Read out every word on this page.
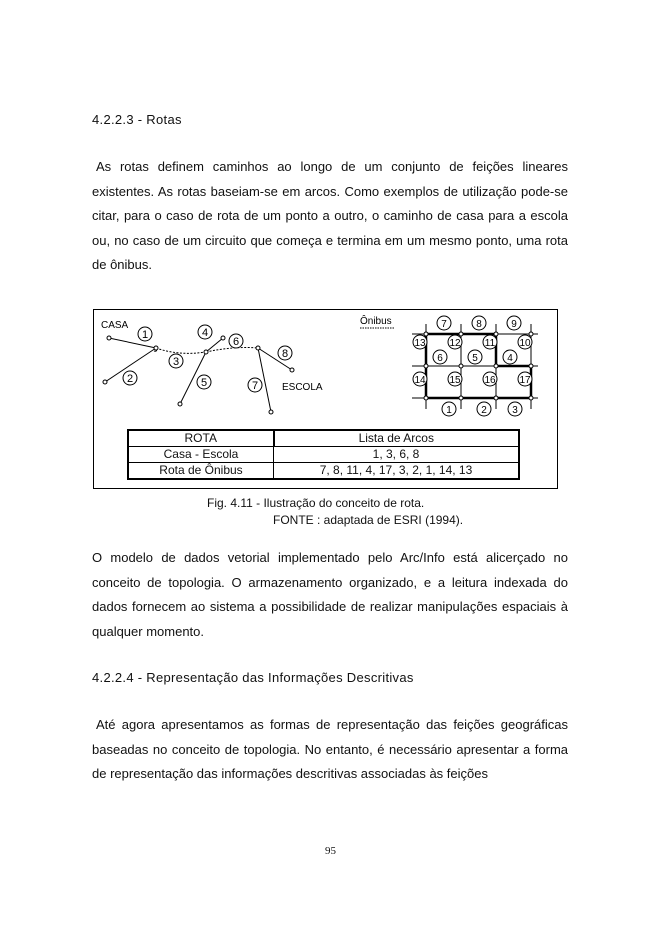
4.2.2.3 - Rotas

As rotas definem caminhos ao longo de um conjunto de feições lineares existentes. As rotas baseiam-se em arcos. Como exemplos de utilização pode-se citar, para o caso de rota de um ponto a outro, o caminho de casa para a escola ou, no caso de um circuito que começa e termina em um mesmo ponto, uma rota de ônibus.

1
2
3
4
5
6
7
8
CASA
ESCOLA
Ônibus	7	8	9
13 12 11 10
6	5	4
14 15 16 17
1	2	3
ROTA	Lista de Arcos
Casa - Escola	1, 3, 6, 8
Rota de Ônibus	7, 8, 11, 4, 17, 3, 2, 1, 14, 13
Fig. 4.11 - Ilustração do conceito de rota.
FONTE : adaptada de ESRI (1994).

O modelo de dados vetorial implementado pelo Arc/Info está alicerçado no conceito de topologia. O armazenamento organizado, e a leitura indexada do dados fornecem ao sistema a possibilidade de realizar manipulações espaciais à qualquer momento.

4.2.2.4 - Representação das Informações Descritivas

Até agora apresentamos as formas de representação das feições geográficas baseadas no conceito de topologia. No entanto, é necessário apresentar a forma de representação das informações descritivas associadas às feições

95
